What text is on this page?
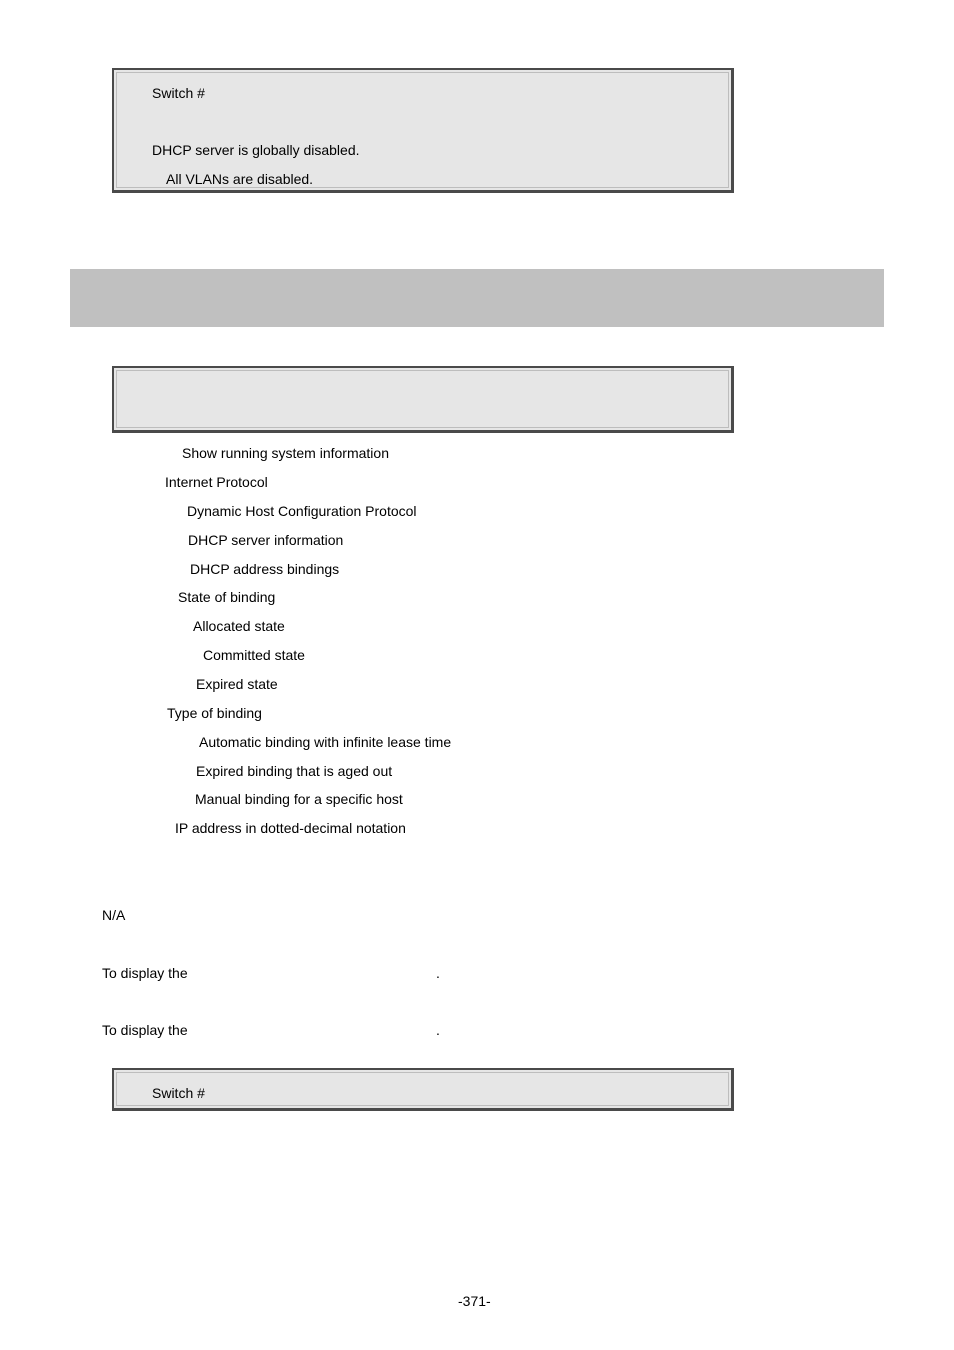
Switch #
DHCP server is globally disabled.
All VLANs are disabled.
Show running system information
Internet Protocol
Dynamic Host Configuration Protocol
DHCP server information
DHCP address bindings
State of binding
Allocated state
Committed state
Expired state
Type of binding
Automatic binding with infinite lease time
Expired binding that is aged out
Manual binding for a specific host
IP address in dotted-decimal notation
N/A
To display the	.
To display the	.
Switch #
-371-
